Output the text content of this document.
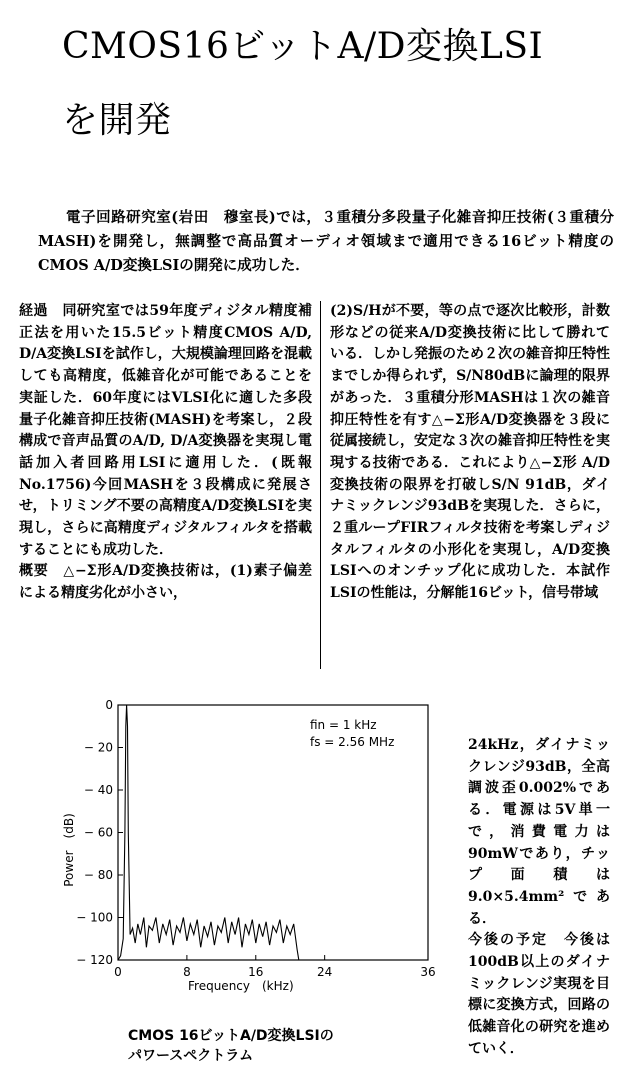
CMOS16ビットA/D変換LSI
を開発
電子回路研究室(岩田　穆室長)では，３重積分多段量子化雑音抑圧技術(３重積分MASH)を開発し，無調整で高品質オーディオ領域まで適用できる16ビット精度のCMOS A/D変換LSIの開発に成功した．

経過　同研究室では59年度ディジタル精度補正法を用いた15.5ビット精度CMOS A/D, D/A変換LSIを試作し，大規模論理回路を混載しても高精度，低雑音化が可能であることを実証した．60年度にはVLSI化に適した多段量子化雑音抑圧技術(MASH)を考案し，２段構成で音声品質のA/D, D/A変換器を実現し電話加入者回路用LSIに適用した．(既報No.1756)今回MASHを３段構成に発展させ，トリミング不要の高精度A/D変換LSIを実現し，さらに高精度ディジタルフィルタを搭載することにも成功した．

概要　△−Σ形A/D変換技術は，(1)素子偏差による精度劣化が小さい，

(2)S/Hが不要，等の点で逐次比較形，計数形などの従来A/D変換技術に比して勝れている．しかし発振のため２次の雑音抑圧特性までしか得られず，S/N80dBに論理的限界があった．３重積分形MASHは１次の雑音抑圧特性を有す△−Σ形A/D変換器を３段に従属接続し，安定な３次の雑音抑圧特性を実現する技術である．これにより△−Σ形 A/D変換技術の限界を打破しS/N 91dB，ダイナミックレンジ93dBを実現した．さらに，２重ループFIRフィルタ技術を考案しディジタルフィルタの小形化を実現し，A/D変換LSIへのオンチップ化に成功した．本試作LSIの性能は，分解能16ビット，信号帯域

24kHz，ダイナミックレンジ93dB，全高調波歪0.002%である．電源は5V単一で，消費電力は90mWであり，チップ面積は9.0×5.4mm²である．

今後の予定　今後は100dB以上のダイナミックレンジ実現を目標に変換方式，回路の低雑音化の研究を進めていく．

0
− 20
− 40
− 60
− 80
− 100
− 120
0	8	16	24	36
fin = 1 kHz
fs = 2.56 MHz
Frequency　(kHz)
Power　(dB)
CMOS 16ビットA/D変換LSIの
パワースペクトラム
